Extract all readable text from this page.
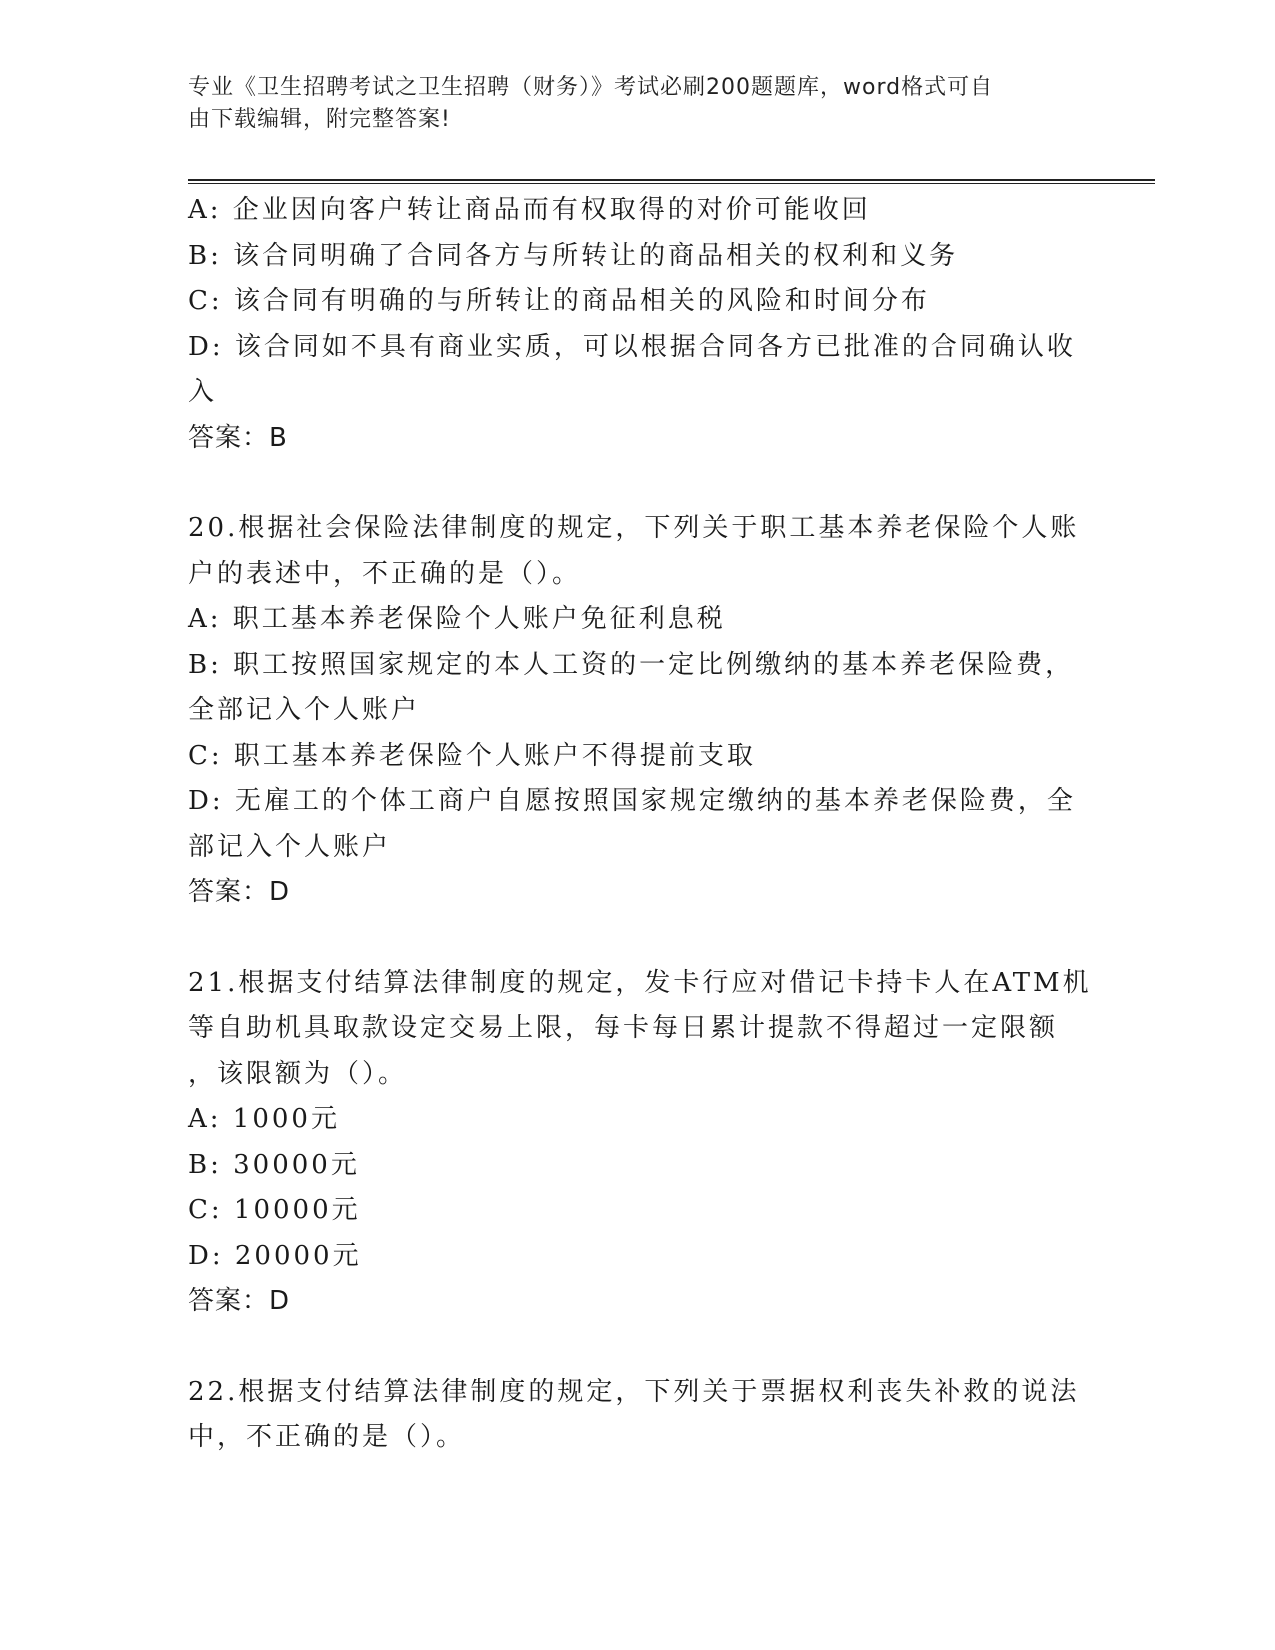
专业《卫生招聘考试之卫生招聘（财务）》考试必刷200题题库，word格式可自
由下载编辑，附完整答案!
A: 企业因向客户转让商品而有权取得的对价可能收回
B: 该合同明确了合同各方与所转让的商品相关的权利和义务
C: 该合同有明确的与所转让的商品相关的风险和时间分布
D: 该合同如不具有商业实质，可以根据合同各方已批准的合同确认收
入
答案：B
20.根据社会保险法律制度的规定，下列关于职工基本养老保险个人账
户的表述中，不正确的是（）。
A: 职工基本养老保险个人账户免征利息税
B: 职工按照国家规定的本人工资的一定比例缴纳的基本养老保险费，
全部记入个人账户
C: 职工基本养老保险个人账户不得提前支取
D: 无雇工的个体工商户自愿按照国家规定缴纳的基本养老保险费，全
部记入个人账户
答案：D
21.根据支付结算法律制度的规定，发卡行应对借记卡持卡人在ATM机
等自助机具取款设定交易上限，每卡每日累计提款不得超过一定限额
，该限额为（）。
A: 1000元
B: 30000元
C: 10000元
D: 20000元
答案：D
22.根据支付结算法律制度的规定，下列关于票据权利丧失补救的说法
中，不正确的是（）。
